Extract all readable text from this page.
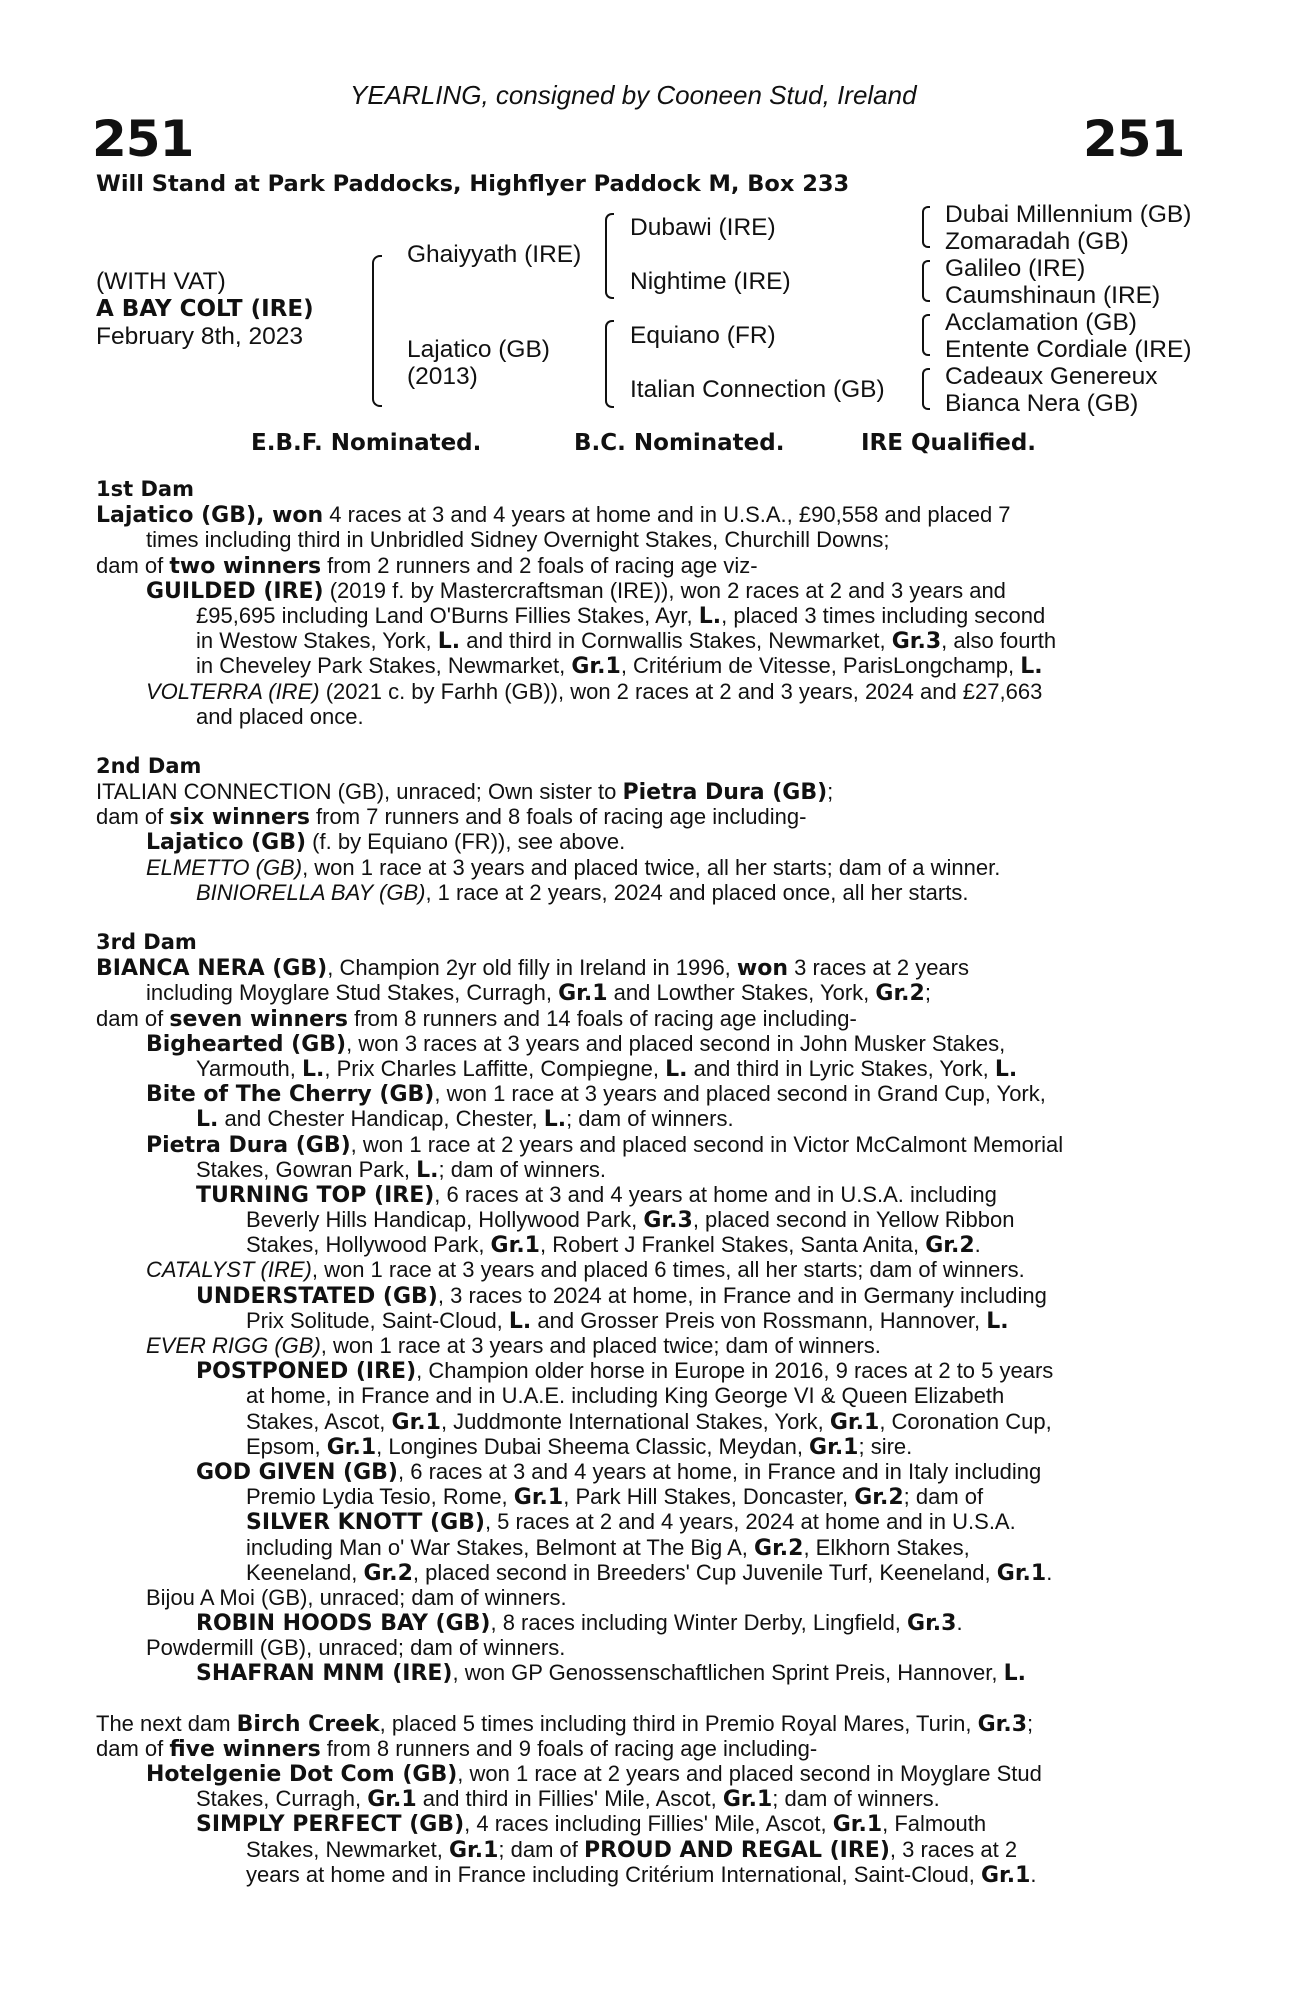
251	251
YEARLING, consigned by Cooneen Stud, Ireland
Will Stand at Park Paddocks, Highflyer Paddock M, Box 233
(WITH VAT)
A BAY COLT (IRE)
February 8th, 2023
Ghaiyyath (IRE)
Lajatico (GB)
(2013)
Dubawi (IRE)
Nightime (IRE)
Equiano (FR)
Italian Connection (GB)
Dubai Millennium (GB)
Zomaradah (GB)
Galileo (IRE)
Caumshinaun (IRE)
Acclamation (GB)
Entente Cordiale (IRE)
Cadeaux Genereux
Bianca Nera (GB)
E.B.F. Nominated.	B.C. Nominated.	IRE Qualified.
1st Dam
Lajatico (GB), won 4 races at 3 and 4 years at home and in U.S.A., £90,558 and placed 7
times including third in Unbridled Sidney Overnight Stakes, Churchill Downs;
dam of two winners from 2 runners and 2 foals of racing age viz-
GUILDED (IRE) (2019 f. by Mastercraftsman (IRE)), won 2 races at 2 and 3 years and
£95,695 including Land O'Burns Fillies Stakes, Ayr, L., placed 3 times including second
in Westow Stakes, York, L. and third in Cornwallis Stakes, Newmarket, Gr.3, also fourth
in Cheveley Park Stakes, Newmarket, Gr.1, Critérium de Vitesse, ParisLongchamp, L.
VOLTERRA (IRE) (2021 c. by Farhh (GB)), won 2 races at 2 and 3 years, 2024 and £27,663
and placed once.
2nd Dam
ITALIAN CONNECTION (GB), unraced; Own sister to Pietra Dura (GB);
dam of six winners from 7 runners and 8 foals of racing age including-
Lajatico (GB) (f. by Equiano (FR)), see above.
ELMETTO (GB), won 1 race at 3 years and placed twice, all her starts; dam of a winner.
BINIORELLA BAY (GB), 1 race at 2 years, 2024 and placed once, all her starts.
3rd Dam
BIANCA NERA (GB), Champion 2yr old filly in Ireland in 1996, won 3 races at 2 years
including Moyglare Stud Stakes, Curragh, Gr.1 and Lowther Stakes, York, Gr.2;
dam of seven winners from 8 runners and 14 foals of racing age including-
Bighearted (GB), won 3 races at 3 years and placed second in John Musker Stakes,
Yarmouth, L., Prix Charles Laffitte, Compiegne, L. and third in Lyric Stakes, York, L.
Bite of The Cherry (GB), won 1 race at 3 years and placed second in Grand Cup, York,
L. and Chester Handicap, Chester, L.; dam of winners.
Pietra Dura (GB), won 1 race at 2 years and placed second in Victor McCalmont Memorial
Stakes, Gowran Park, L.; dam of winners.
TURNING TOP (IRE), 6 races at 3 and 4 years at home and in U.S.A. including
Beverly Hills Handicap, Hollywood Park, Gr.3, placed second in Yellow Ribbon
Stakes, Hollywood Park, Gr.1, Robert J Frankel Stakes, Santa Anita, Gr.2.
CATALYST (IRE), won 1 race at 3 years and placed 6 times, all her starts; dam of winners.
UNDERSTATED (GB), 3 races to 2024 at home, in France and in Germany including
Prix Solitude, Saint-Cloud, L. and Grosser Preis von Rossmann, Hannover, L.
EVER RIGG (GB), won 1 race at 3 years and placed twice; dam of winners.
POSTPONED (IRE), Champion older horse in Europe in 2016, 9 races at 2 to 5 years
at home, in France and in U.A.E. including King George VI & Queen Elizabeth
Stakes, Ascot, Gr.1, Juddmonte International Stakes, York, Gr.1, Coronation Cup,
Epsom, Gr.1, Longines Dubai Sheema Classic, Meydan, Gr.1; sire.
GOD GIVEN (GB), 6 races at 3 and 4 years at home, in France and in Italy including
Premio Lydia Tesio, Rome, Gr.1, Park Hill Stakes, Doncaster, Gr.2; dam of
SILVER KNOTT (GB), 5 races at 2 and 4 years, 2024 at home and in U.S.A.
including Man o' War Stakes, Belmont at The Big A, Gr.2, Elkhorn Stakes,
Keeneland, Gr.2, placed second in Breeders' Cup Juvenile Turf, Keeneland, Gr.1.
Bijou A Moi (GB), unraced; dam of winners.
ROBIN HOODS BAY (GB), 8 races including Winter Derby, Lingfield, Gr.3.
Powdermill (GB), unraced; dam of winners.
SHAFRAN MNM (IRE), won GP Genossenschaftlichen Sprint Preis, Hannover, L.
The next dam Birch Creek, placed 5 times including third in Premio Royal Mares, Turin, Gr.3;
dam of five winners from 8 runners and 9 foals of racing age including-
Hotelgenie Dot Com (GB), won 1 race at 2 years and placed second in Moyglare Stud
Stakes, Curragh, Gr.1 and third in Fillies' Mile, Ascot, Gr.1; dam of winners.
SIMPLY PERFECT (GB), 4 races including Fillies' Mile, Ascot, Gr.1, Falmouth
Stakes, Newmarket, Gr.1; dam of PROUD AND REGAL (IRE), 3 races at 2
years at home and in France including Critérium International, Saint-Cloud, Gr.1.
